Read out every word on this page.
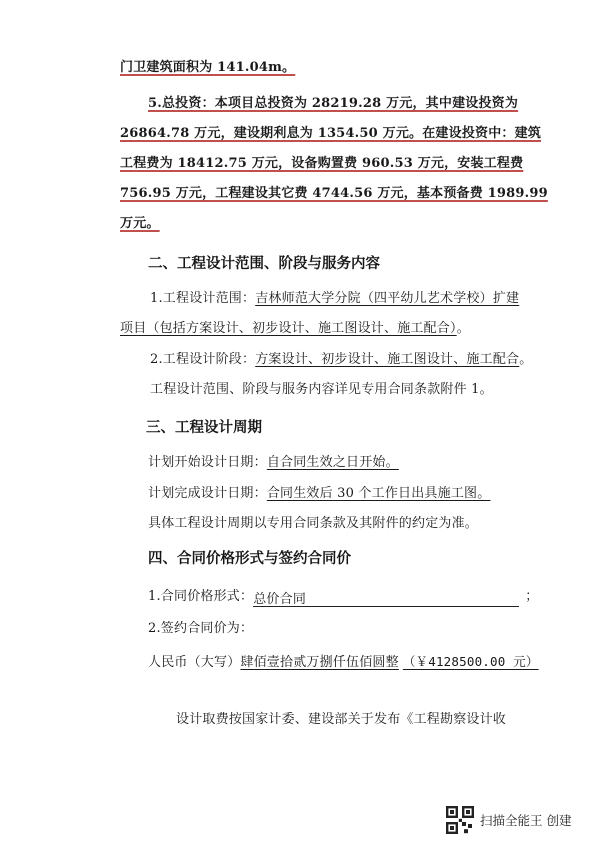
门卫建筑面积为 141.04m。
5.总投资：本项目总投资为 28219.28 万元，其中建设投资为
26864.78 万元，建设期利息为 1354.50 万元。在建设投资中：建筑
工程费为 18412.75 万元，设备购置费 960.53 万元，安装工程费
756.95 万元，工程建设其它费 4744.56 万元，基本预备费 1989.99
万元。
二、工程设计范围、阶段与服务内容
1.工程设计范围：吉林师范大学分院（四平幼儿艺术学校）扩建
项目（包括方案设计、初步设计、施工图设计、施工配合）。
2.工程设计阶段：方案设计、初步设计、施工图设计、施工配合。
工程设计范围、阶段与服务内容详见专用合同条款附件 1。
三、工程设计周期
计划开始设计日期：自合同生效之日开始。
计划完成设计日期：合同生效后 30 个工作日出具施工图。
具体工程设计周期以专用合同条款及其附件的约定为准。
四、合同价格形式与签约合同价
1.合同价格形式：总价合同	；
2.签约合同价为：
人民币（大写）肆佰壹拾贰万捌仟伍佰圆整 （￥4128500.00 元）
设计取费按国家计委、建设部关于发布《工程勘察设计收
扫描全能王 创建
